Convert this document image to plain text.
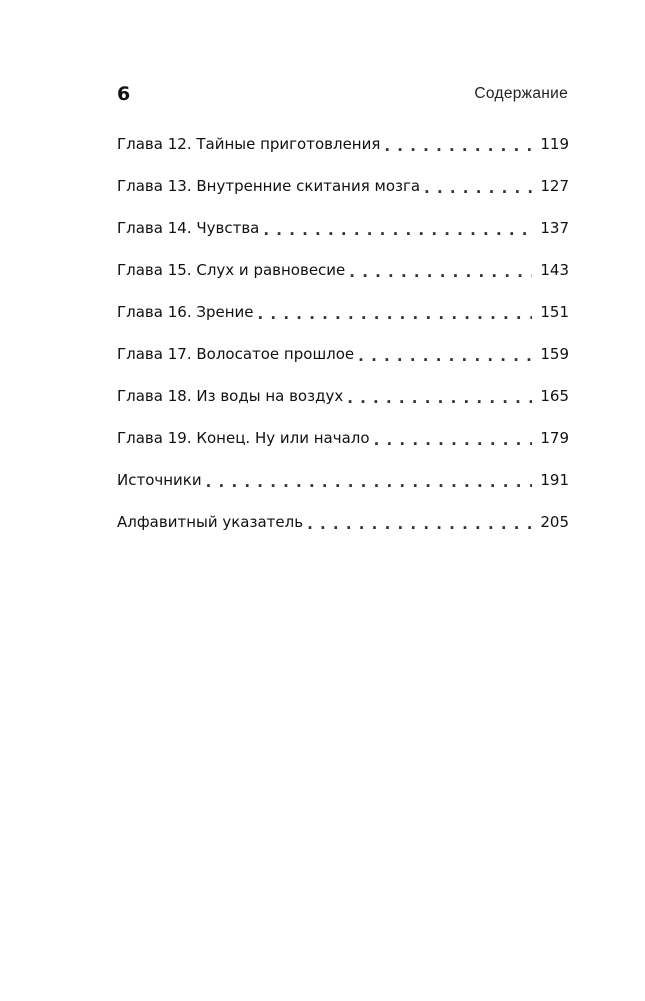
6	Содержание
Глава 12. Тайные приготовления . . .	119
Глава 13. Внутренние скитания мозга . . .	127
Глава 14. Чувства . . .	137
Глава 15. Слух и равновесие . . .	143
Глава 16. Зрение . . .	151
Глава 17. Волосатое прошлое . . .	159
Глава 18. Из воды на воздух . . .	165
Глава 19. Конец. Ну или начало . . .	179
Источники . . .	191
Алфавитный указатель . . .	205
